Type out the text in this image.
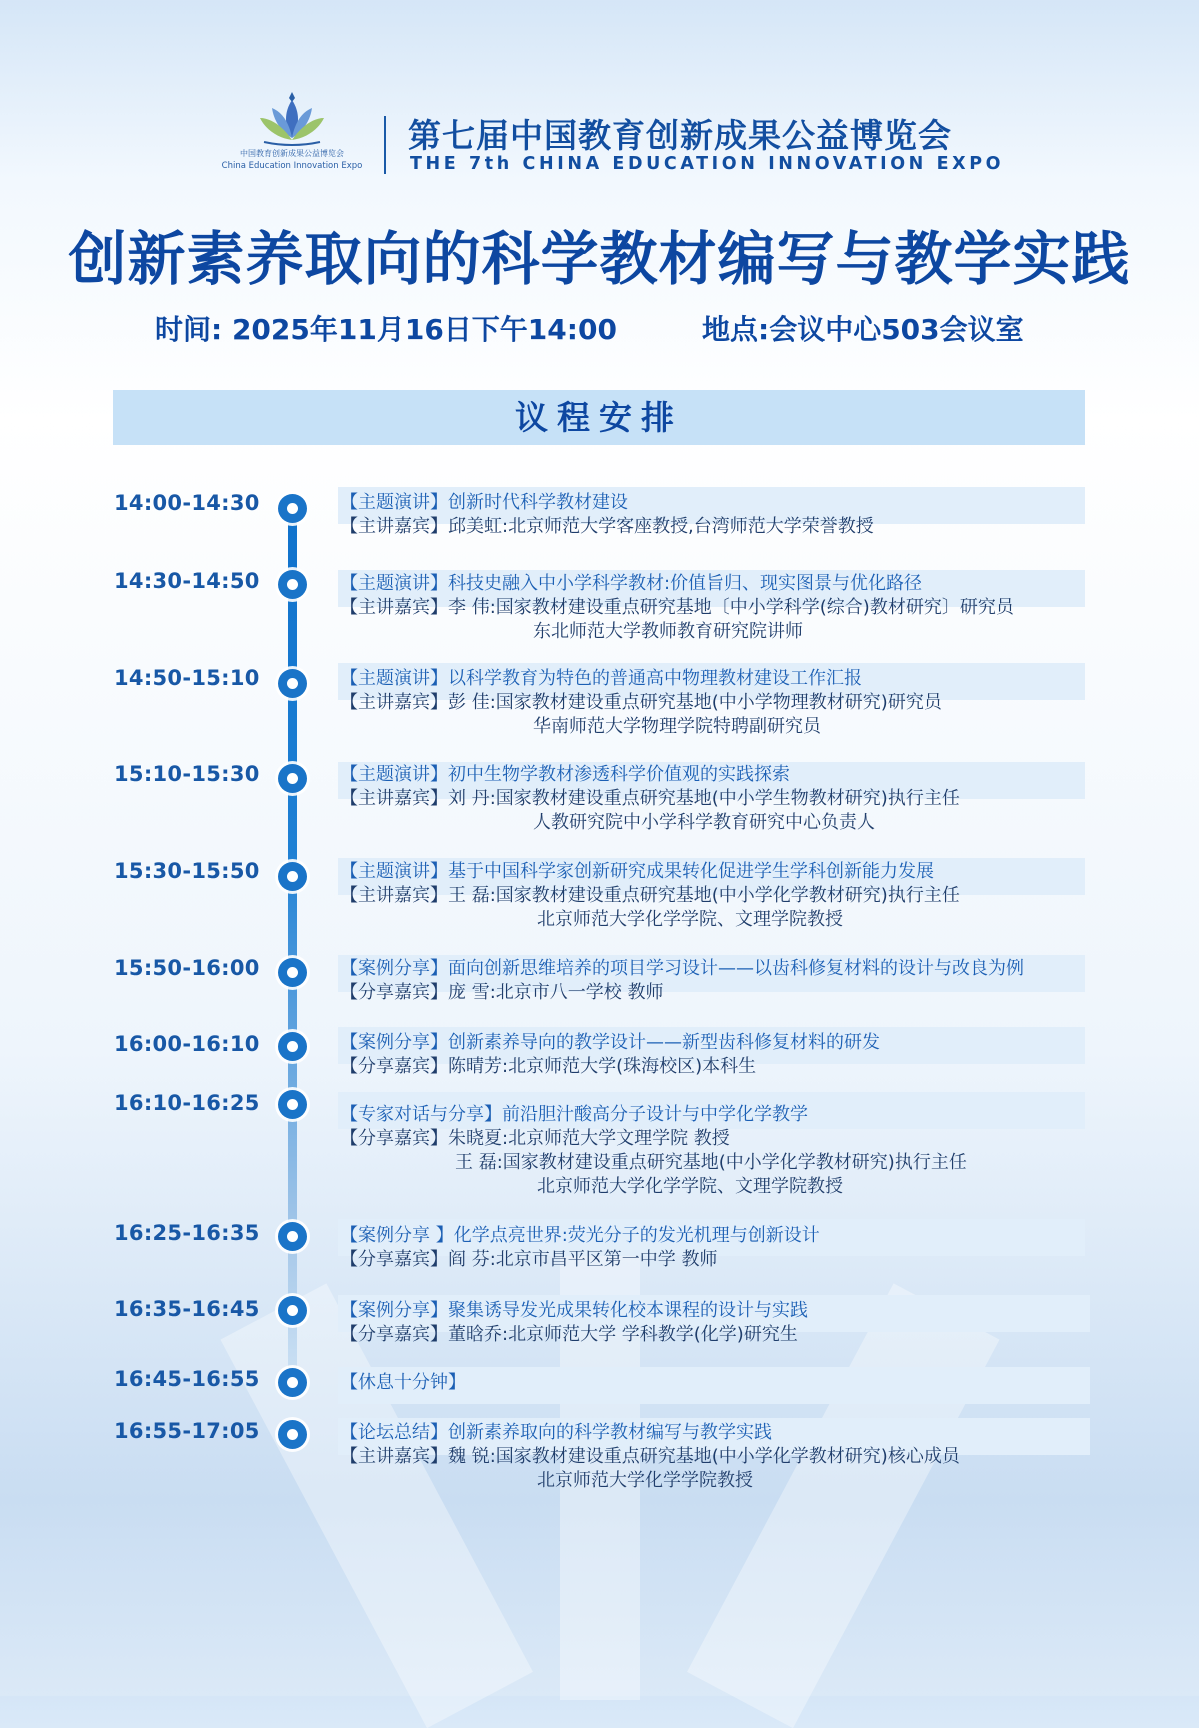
中国教育创新成果公益博览会
China Education Innovation Expo
第七届中国教育创新成果公益博览会
THE 7th CHINA EDUCATION INNOVATION EXPO
创新素养取向的科学教材编写与教学实践
时间: 2025年11月16日下午14:00	地点:会议中心503会议室
议程安排
14:00-14:30	【主题演讲】创新时代科学教材建设
【主讲嘉宾】邱美虹:北京师范大学客座教授,台湾师范大学荣誉教授
14:30-14:50	【主题演讲】科技史融入中小学科学教材:价值旨归、现实图景与优化路径
【主讲嘉宾】李 伟:国家教材建设重点研究基地〔中小学科学(综合)教材研究〕研究员
东北师范大学教师教育研究院讲师
14:50-15:10	【主题演讲】以科学教育为特色的普通高中物理教材建设工作汇报
【主讲嘉宾】彭 佳:国家教材建设重点研究基地(中小学物理教材研究)研究员
华南师范大学物理学院特聘副研究员
15:10-15:30	【主题演讲】初中生物学教材渗透科学价值观的实践探索
【主讲嘉宾】刘 丹:国家教材建设重点研究基地(中小学生物教材研究)执行主任
人教研究院中小学科学教育研究中心负责人
15:30-15:50	【主题演讲】基于中国科学家创新研究成果转化促进学生学科创新能力发展
【主讲嘉宾】王 磊:国家教材建设重点研究基地(中小学化学教材研究)执行主任
北京师范大学化学学院、文理学院教授
15:50-16:00	【案例分享】面向创新思维培养的项目学习设计——以齿科修复材料的设计与改良为例
【分享嘉宾】庞 雪:北京市八一学校 教师
16:00-16:10	【案例分享】创新素养导向的教学设计——新型齿科修复材料的研发
【分享嘉宾】陈晴芳:北京师范大学(珠海校区)本科生
16:10-16:25	【专家对话与分享】前沿胆汁酸高分子设计与中学化学教学
【分享嘉宾】朱晓夏:北京师范大学文理学院 教授
王 磊:国家教材建设重点研究基地(中小学化学教材研究)执行主任
北京师范大学化学学院、文理学院教授
16:25-16:35	【案例分享 】化学点亮世界:荧光分子的发光机理与创新设计
【分享嘉宾】阎 芬:北京市昌平区第一中学 教师
16:35-16:45	【案例分享】聚集诱导发光成果转化校本课程的设计与实践
【分享嘉宾】董晗乔:北京师范大学 学科教学(化学)研究生
16:45-16:55	【休息十分钟】
16:55-17:05	【论坛总结】创新素养取向的科学教材编写与教学实践
【主讲嘉宾】魏 锐:国家教材建设重点研究基地(中小学化学教材研究)核心成员
北京师范大学化学学院教授
